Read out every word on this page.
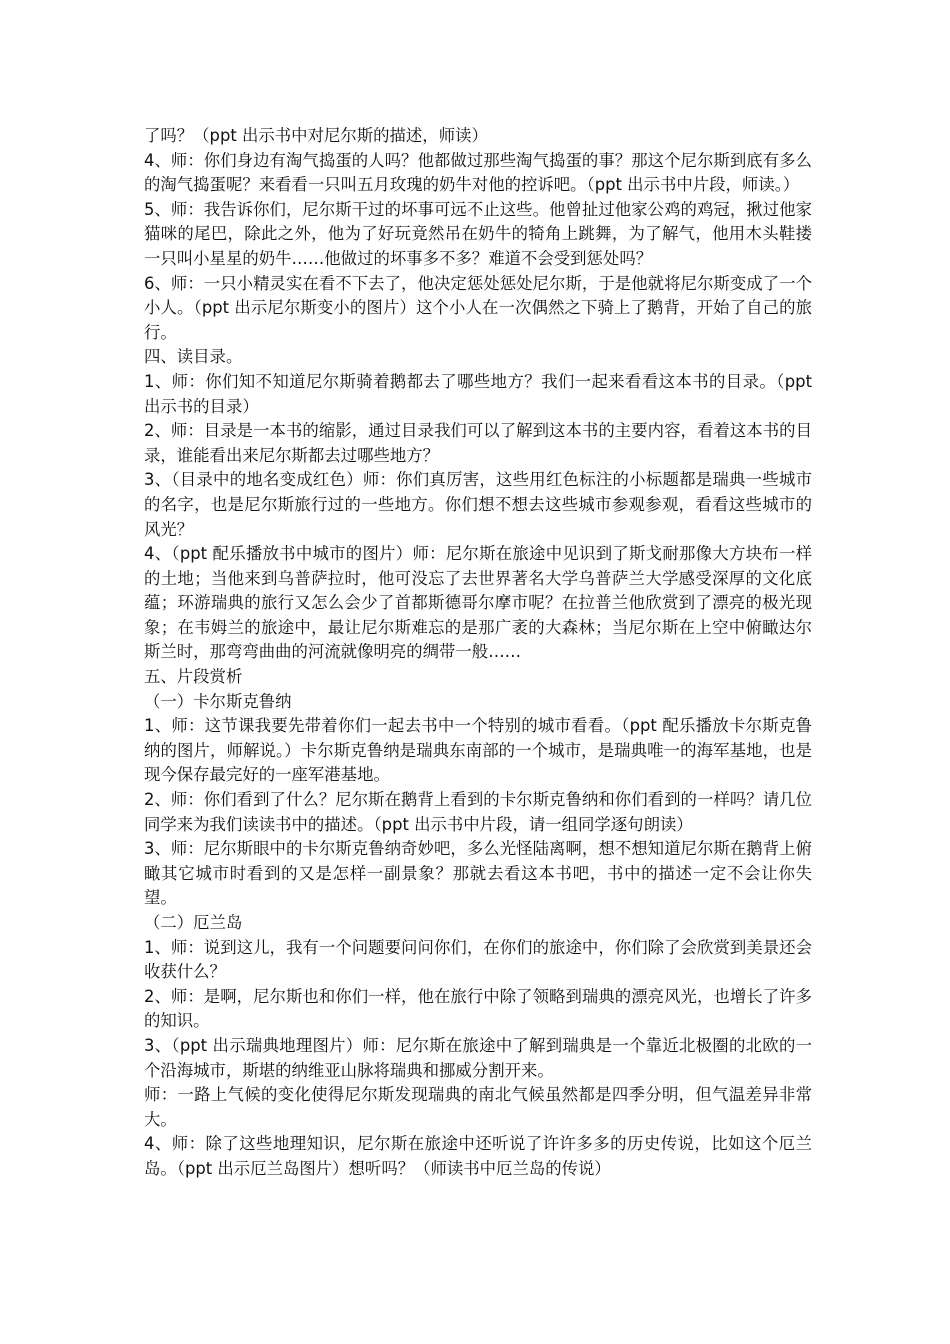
了吗？（ppt 出示书中对尼尔斯的描述，师读）

4、师：你们身边有淘气捣蛋的人吗？他都做过那些淘气捣蛋的事？那这个尼尔斯到底有多么的淘气捣蛋呢？来看看一只叫五月玫瑰的奶牛对他的控诉吧。（ppt 出示书中片段，师读。）

5、师：我告诉你们，尼尔斯干过的坏事可远不止这些。他曾扯过他家公鸡的鸡冠，揪过他家猫咪的尾巴，除此之外，他为了好玩竟然吊在奶牛的犄角上跳舞，为了解气，他用木头鞋搂一只叫小星星的奶牛……他做过的坏事多不多？难道不会受到惩处吗？

6、师：一只小精灵实在看不下去了，他决定惩处惩处尼尔斯，于是他就将尼尔斯变成了一个小人。（ppt 出示尼尔斯变小的图片）这个小人在一次偶然之下骑上了鹅背，开始了自己的旅行。

四、读目录。

1、师：你们知不知道尼尔斯骑着鹅都去了哪些地方？我们一起来看看这本书的目录。（ppt 出示书的目录）

2、师：目录是一本书的缩影，通过目录我们可以了解到这本书的主要内容，看着这本书的目录，谁能看出来尼尔斯都去过哪些地方？

3、（目录中的地名变成红色）师：你们真厉害，这些用红色标注的小标题都是瑞典一些城市的名字，也是尼尔斯旅行过的一些地方。你们想不想去这些城市参观参观，看看这些城市的风光？

4、（ppt 配乐播放书中城市的图片）师：尼尔斯在旅途中见识到了斯戈耐那像大方块布一样的土地；当他来到乌普萨拉时，他可没忘了去世界著名大学乌普萨兰大学感受深厚的文化底蕴；环游瑞典的旅行又怎么会少了首都斯德哥尔摩市呢？在拉普兰他欣赏到了漂亮的极光现象；在韦姆兰的旅途中，最让尼尔斯难忘的是那广袤的大森林；当尼尔斯在上空中俯瞰达尔斯兰时，那弯弯曲曲的河流就像明亮的绸带一般……

五、片段赏析

（一）卡尔斯克鲁纳

1、师：这节课我要先带着你们一起去书中一个特别的城市看看。（ppt 配乐播放卡尔斯克鲁纳的图片，师解说。）卡尔斯克鲁纳是瑞典东南部的一个城市，是瑞典唯一的海军基地，也是现今保存最完好的一座军港基地。

2、师：你们看到了什么？尼尔斯在鹅背上看到的卡尔斯克鲁纳和你们看到的一样吗？请几位同学来为我们读读书中的描述。（ppt 出示书中片段，请一组同学逐句朗读）

3、师：尼尔斯眼中的卡尔斯克鲁纳奇妙吧，多么光怪陆离啊，想不想知道尼尔斯在鹅背上俯瞰其它城市时看到的又是怎样一副景象？那就去看这本书吧，书中的描述一定不会让你失望。

（二）厄兰岛

1、师：说到这儿，我有一个问题要问问你们，在你们的旅途中，你们除了会欣赏到美景还会收获什么？

2、师：是啊，尼尔斯也和你们一样，他在旅行中除了领略到瑞典的漂亮风光，也增长了许多的知识。

3、（ppt 出示瑞典地理图片）师：尼尔斯在旅途中了解到瑞典是一个靠近北极圈的北欧的一个沿海城市，斯堪的纳维亚山脉将瑞典和挪威分割开来。

师：一路上气候的变化使得尼尔斯发现瑞典的南北气候虽然都是四季分明，但气温差异非常大。

4、师：除了这些地理知识，尼尔斯在旅途中还听说了许许多多的历史传说，比如这个厄兰岛。（ppt 出示厄兰岛图片）想听吗？（师读书中厄兰岛的传说）
